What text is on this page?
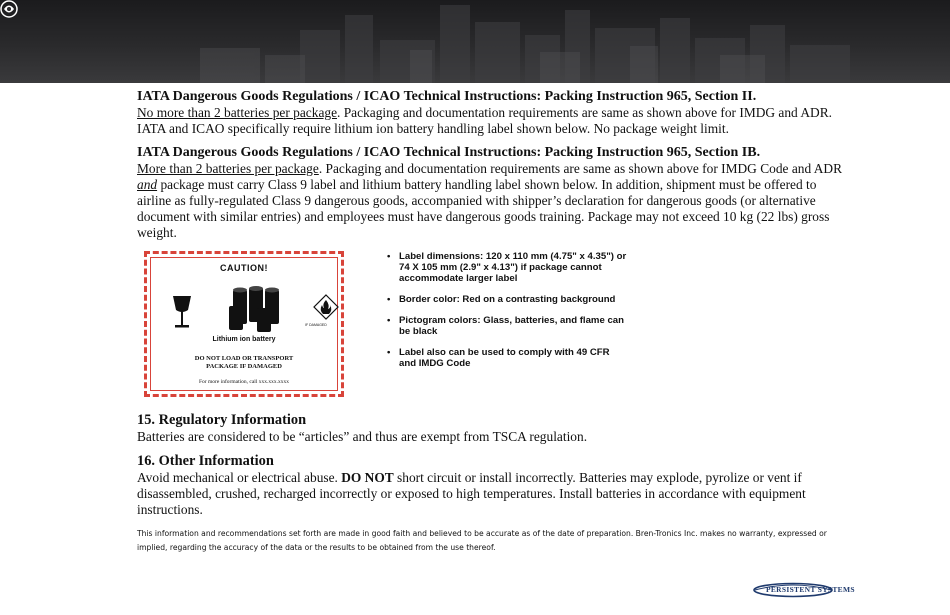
IATA Dangerous Goods Regulations / ICAO Technical Instructions: Packing Instruction 965, Section II.

No more than 2 batteries per package. Packaging and documentation requirements are same as shown above for IMDG and ADR. IATA and ICAO specifically require lithium ion battery handling label shown below. No package weight limit.

IATA Dangerous Goods Regulations / ICAO Technical Instructions: Packing Instruction 965, Section IB.

More than 2 batteries per package. Packaging and documentation requirements are same as shown above for IMDG Code and ADR and package must carry Class 9 label and lithium battery handling label shown below. In addition, shipment must be offered to airline as fully-regulated Class 9 dangerous goods, accompanied with shipper’s declaration for dangerous goods (or alternative document with similar entries) and employees must have dangerous goods training. Package may not exceed 10 kg (22 lbs) gross weight.

CAUTION!
IF DAMAGED
Lithium ion battery
DO NOT LOAD OR TRANSPORT
PACKAGE IF DAMAGED
For more information, call xxx.xxx.xxxx
• Label dimensions: 120 x 110 mm (4.75" x 4.35") or 74 X 105 mm (2.9" x 4.13") if package cannot accommodate larger label
• Border color: Red on a contrasting background
• Pictogram colors: Glass, batteries, and flame can be black
• Label also can be used to comply with 49 CFR and IMDG Code

15. Regulatory Information

Batteries are considered to be “articles” and thus are exempt from TSCA regulation.

16. Other Information

Avoid mechanical or electrical abuse. DO NOT short circuit or install incorrectly. Batteries may explode, pyrolize or vent if disassembled, crushed, recharged incorrectly or exposed to high temperatures. Install batteries in accordance with equipment instructions.

This information and recommendations set forth are made in good faith and believed to be accurate as of the date of preparation. Bren-Tronics Inc. makes no warranty, expressed or implied, regarding the accuracy of the data or the results to be obtained from the use thereof.
PERSISTENT SYSTEMS
